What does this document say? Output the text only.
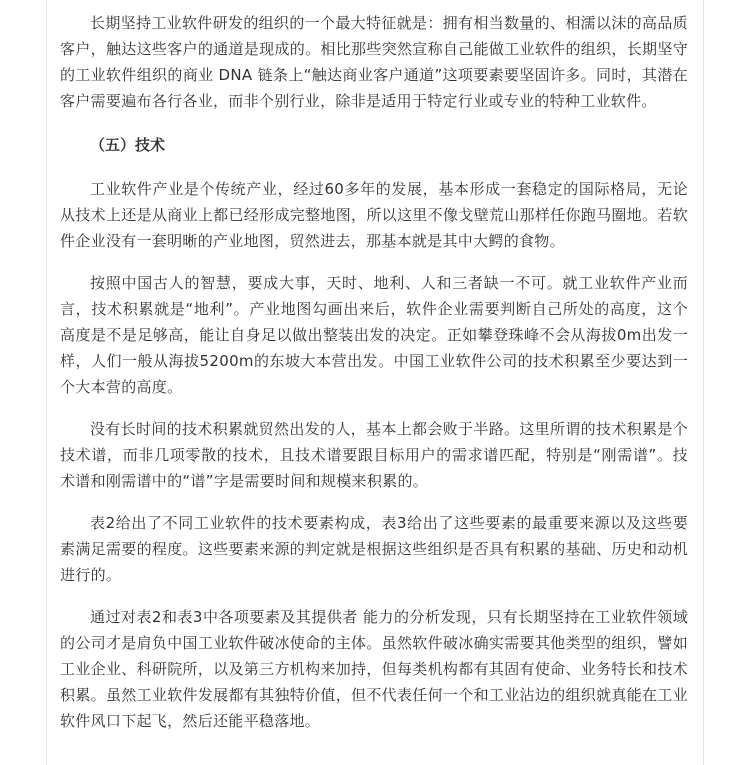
长期坚持工业软件研发的组织的一个最大特征就是：拥有相当数量的、相濡以沫的高品质客户，触达这些客户的通道是现成的。相比那些突然宣称自己能做工业软件的组织，长期坚守的工业软件组织的商业 DNA 链条上“触达商业客户通道”这项要素要坚固许多。同时，其潜在客户需要遍布各行各业，而非个别行业，除非是适用于特定行业或专业的特种工业软件。

（五）技术

工业软件产业是个传统产业，经过60多年的发展，基本形成一套稳定的国际格局，无论从技术上还是从商业上都已经形成完整地图，所以这里不像戈壁荒山那样任你跑马圈地。若软件企业没有一套明晰的产业地图，贸然进去，那基本就是其中大鳄的食物。

按照中国古人的智慧，要成大事，天时、地利、人和三者缺一不可。就工业软件产业而言，技术积累就是“地利”。产业地图勾画出来后，软件企业需要判断自己所处的高度，这个高度是不是足够高，能让自身足以做出整装出发的决定。正如攀登珠峰不会从海拔0m出发一样，人们一般从海拔5200m的东坡大本营出发。中国工业软件公司的技术积累至少要达到一个大本营的高度。

没有长时间的技术积累就贸然出发的人，基本上都会败于半路。这里所谓的技术积累是个技术谱，而非几项零散的技术，且技术谱要跟目标用户的需求谱匹配，特别是“刚需谱”。技术谱和刚需谱中的“谱”字是需要时间和规模来积累的。

表2给出了不同工业软件的技术要素构成，表3给出了这些要素的最重要来源以及这些要素满足需要的程度。这些要素来源的判定就是根据这些组织是否具有积累的基础、历史和动机进行的。

通过对表2和表3中各项要素及其提供者 能力的分析发现，只有长期坚持在工业软件领域的公司才是肩负中国工业软件破冰使命的主体。虽然软件破冰确实需要其他类型的组织，譬如工业企业、科研院所，以及第三方机构来加持，但每类机构都有其固有使命、业务特长和技术积累。虽然工业软件发展都有其独特价值，但不代表任何一个和工业沾边的组织就真能在工业软件风口下起飞，然后还能平稳落地。
